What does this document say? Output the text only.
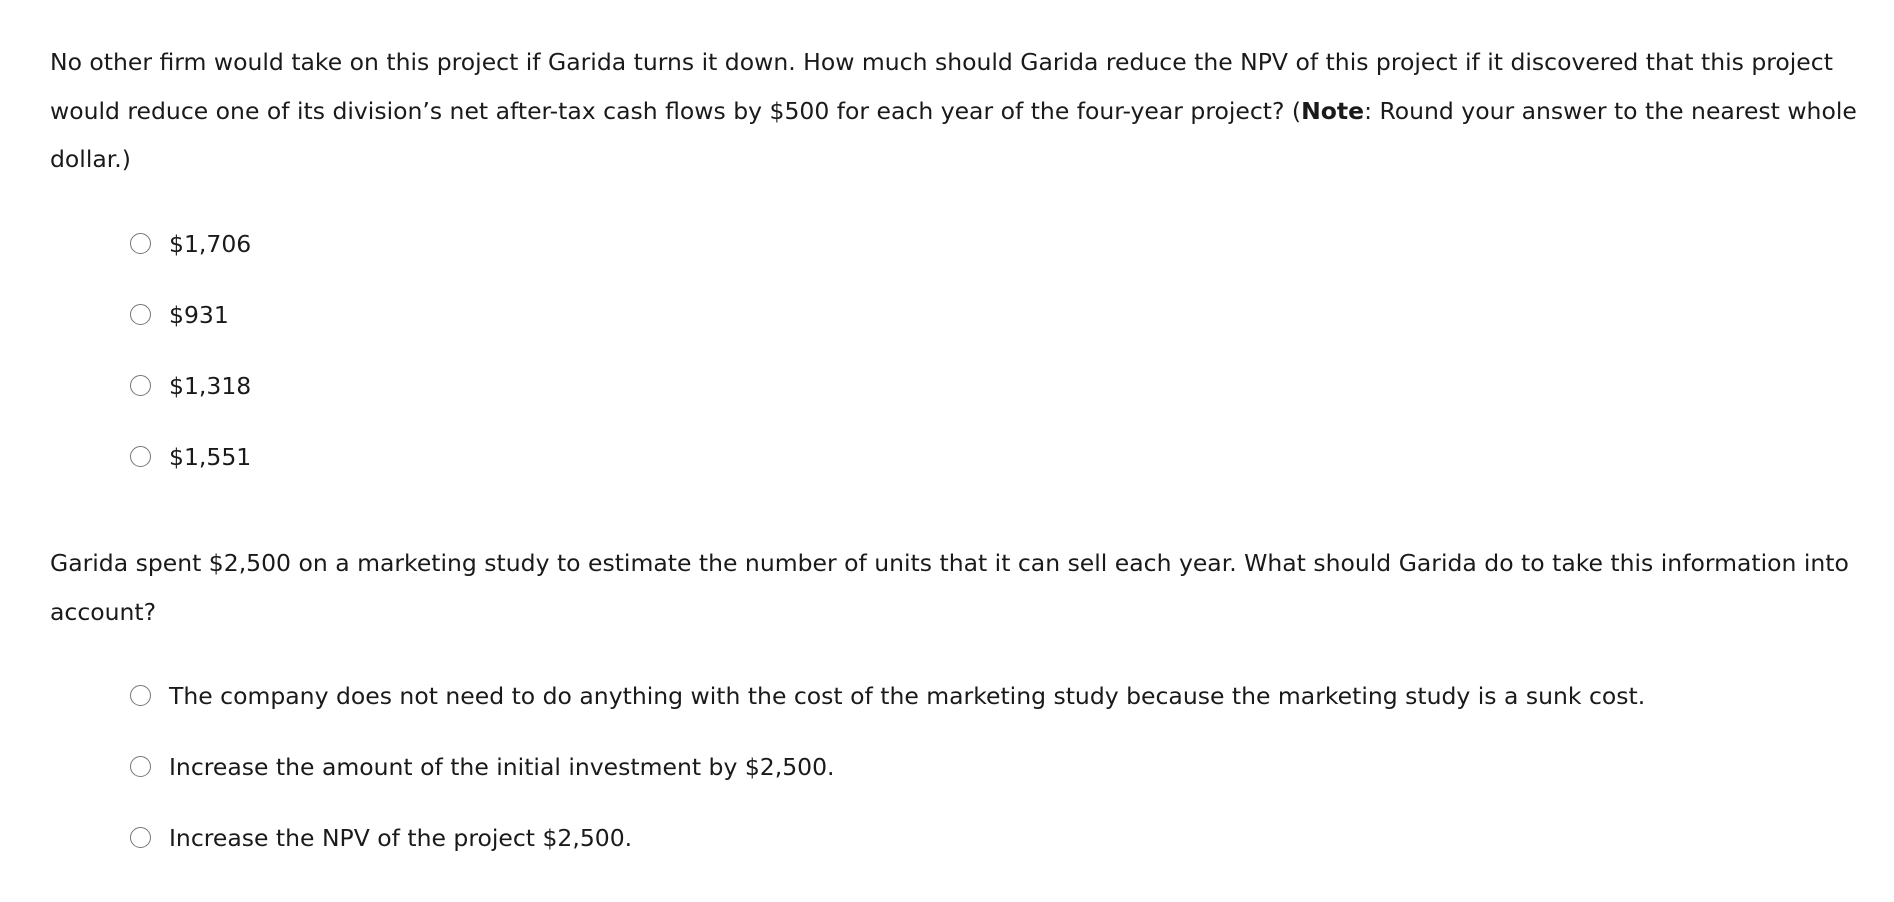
No other firm would take on this project if Garida turns it down. How much should Garida reduce the NPV of this project if it discovered that this project would reduce one of its division’s net after-tax cash flows by $500 for each year of the four-year project? (Note: Round your answer to the nearest whole dollar.)

$1,706
$931
$1,318
$1,551

Garida spent $2,500 on a marketing study to estimate the number of units that it can sell each year. What should Garida do to take this information into account?

The company does not need to do anything with the cost of the marketing study because the marketing study is a sunk cost.
Increase the amount of the initial investment by $2,500.
Increase the NPV of the project $2,500.
